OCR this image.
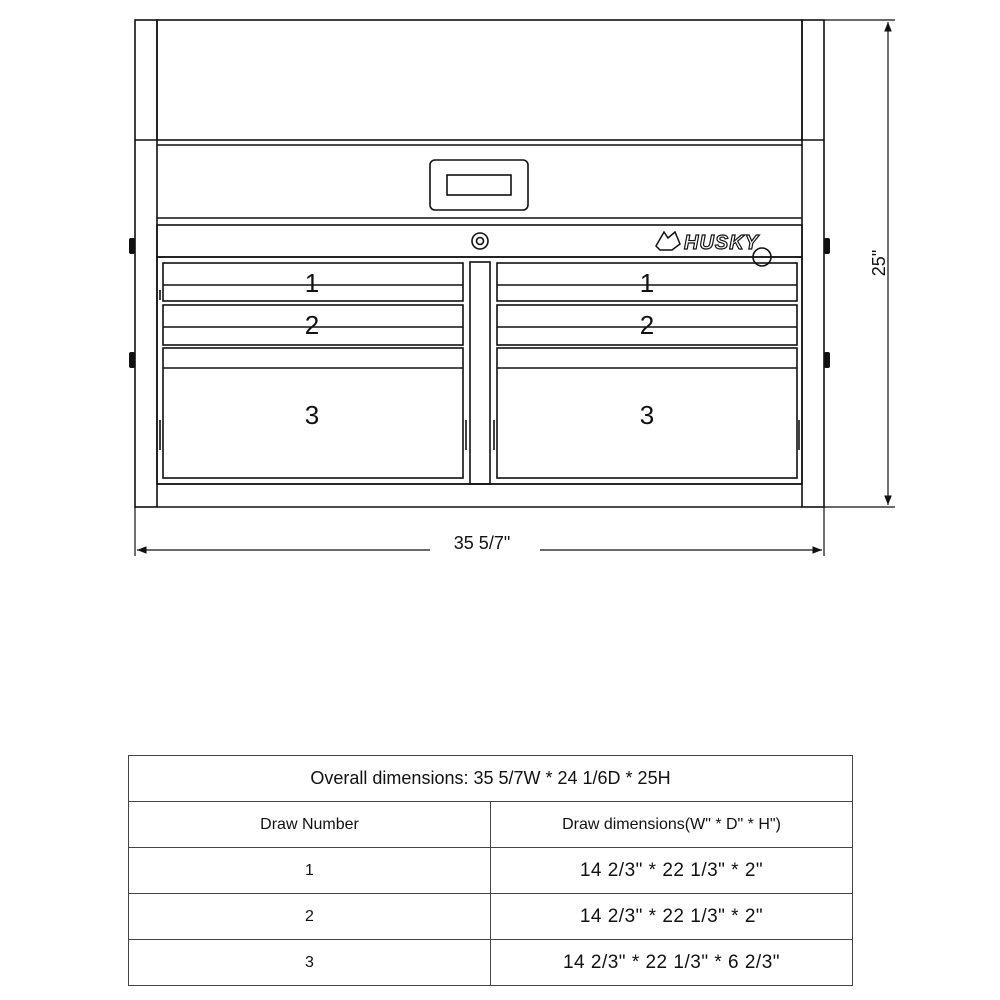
HUSKY
1
2
3
1
2
3
25"
35 5/7"
Overall dimensions: 35 5/7W * 24 1/6D * 25H	
Draw Number	Draw dimensions(W" * D" * H")
1	14 2/3" * 22 1/3" * 2"
2	14 2/3" * 22 1/3" * 2"
3	14 2/3" * 22 1/3" * 6 2/3"
